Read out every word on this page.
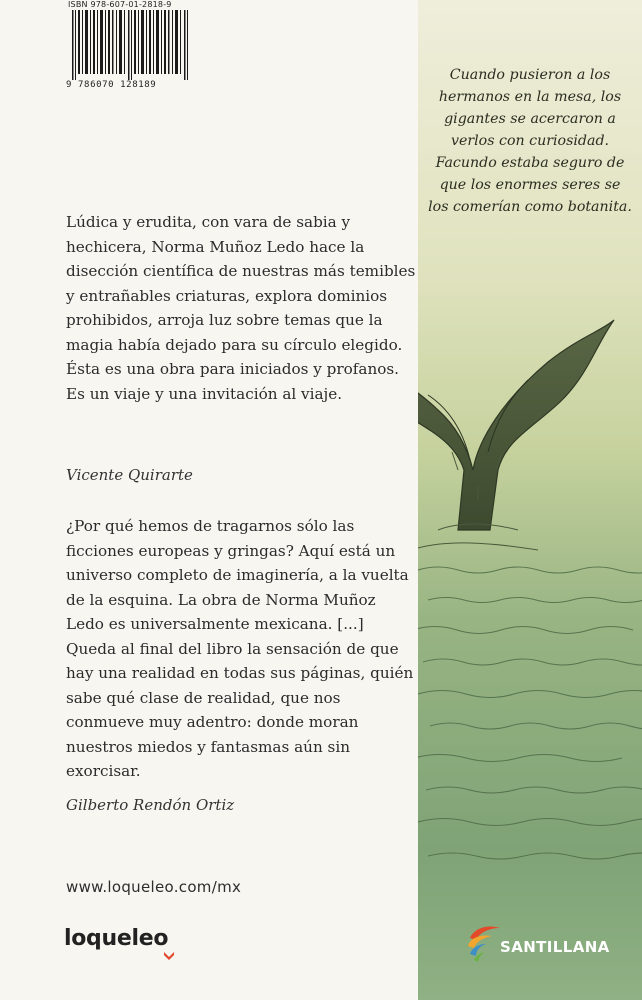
ISBN 978-607-01-2818-9
9 786070 128189
Cuando pusieron a los hermanos en la mesa, los gigantes se acercaron a verlos con curiosidad. Facundo estaba seguro de que los enormes seres se los comerían como botanita.

Lúdica y erudita, con vara de sabia y hechicera, Norma Muñoz Ledo hace la disección científica de nuestras más temibles y entrañables criaturas, explora dominios prohibidos, arroja luz sobre temas que la magia había dejado para su círculo elegido. Ésta es una obra para iniciados y profanos. Es un viaje y una invitación al viaje.

Vicente Quirarte

¿Por qué hemos de tragarnos sólo las ficciones europeas y gringas? Aquí está un universo completo de imaginería, a la vuelta de la esquina. La obra de Norma Muñoz Ledo es universalmente mexicana. [...] Queda al final del libro la sensación de que hay una realidad en todas sus páginas, quién sabe qué clase de realidad, que nos conmueve muy adentro: donde moran nuestros miedos y fantasmas aún sin exorcisar.

Gilberto Rendón Ortiz

www.loqueleo.com/mx
loqueleo	SANTILLANA
